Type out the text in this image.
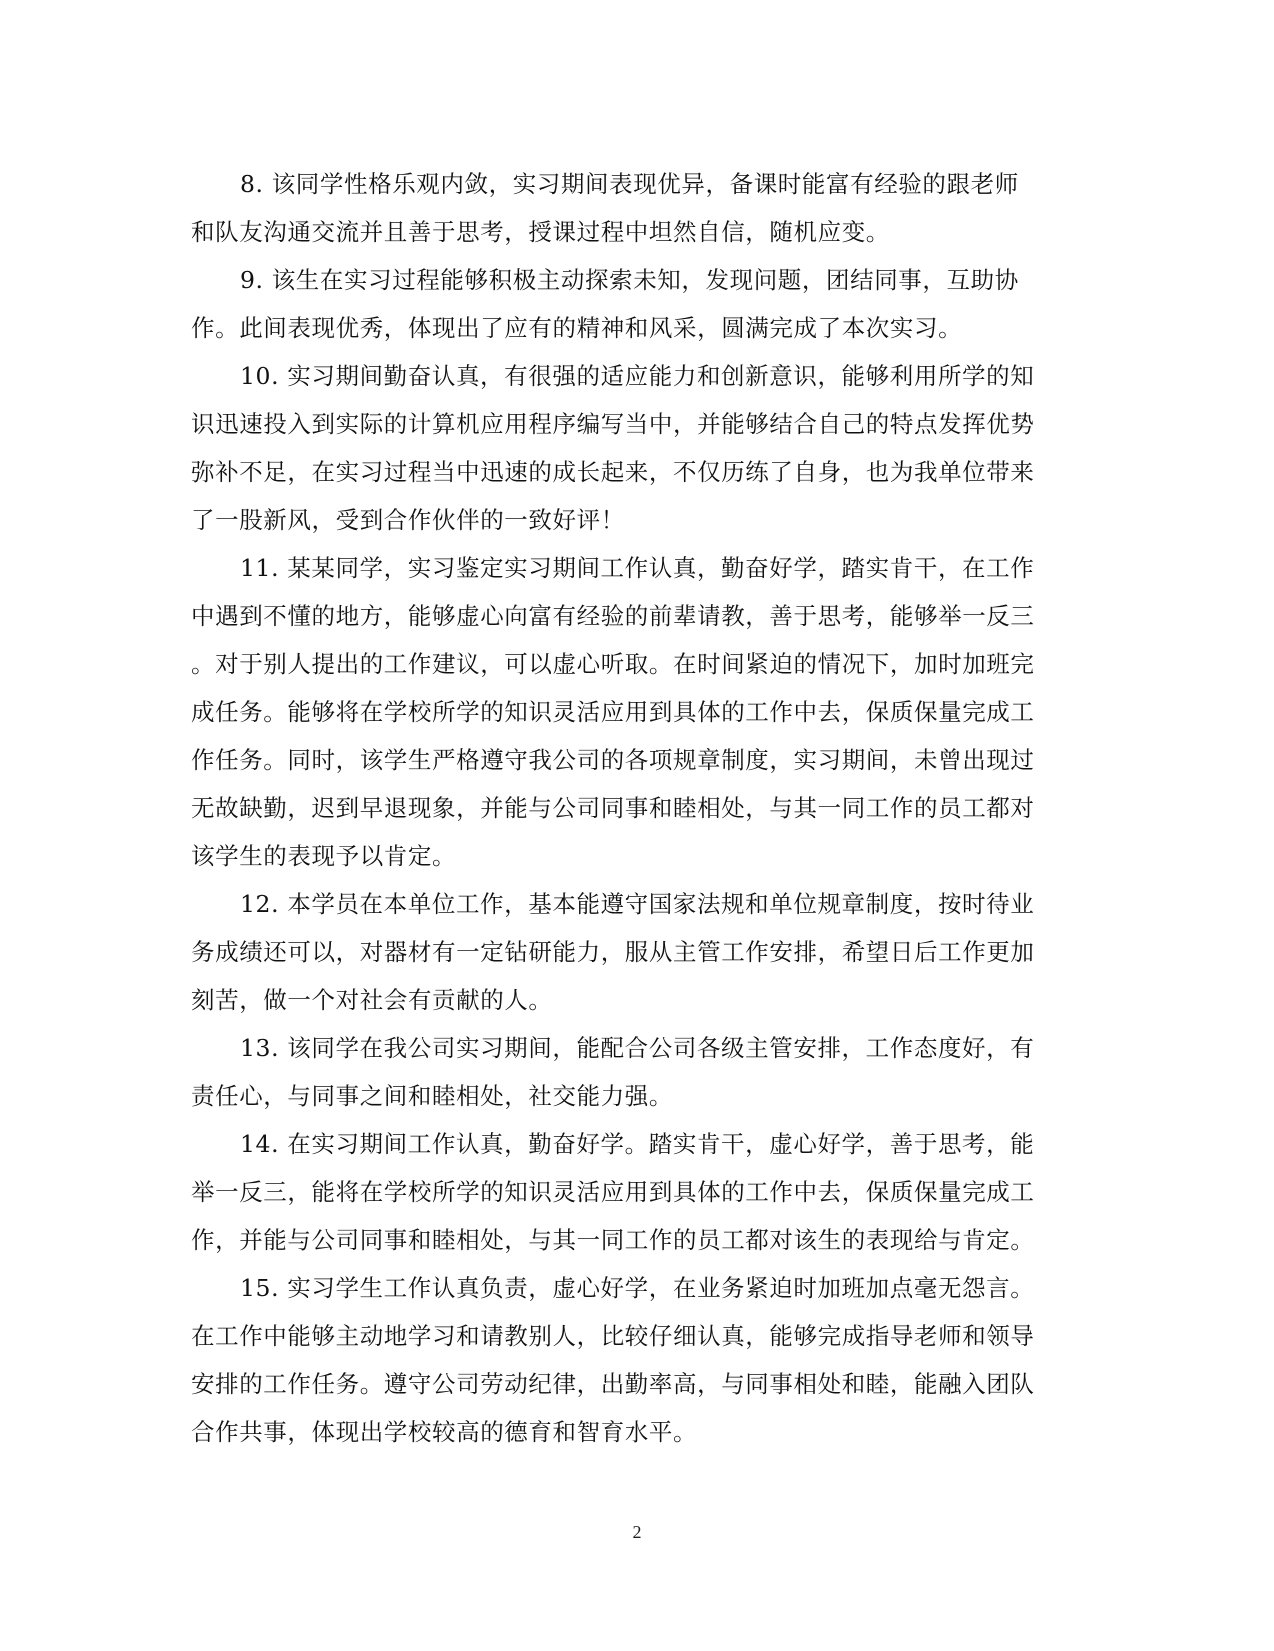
8. 该同学性格乐观内敛，实习期间表现优异，备课时能富有经验的跟老师
和队友沟通交流并且善于思考，授课过程中坦然自信，随机应变。
9. 该生在实习过程能够积极主动探索未知，发现问题，团结同事，互助协
作。此间表现优秀，体现出了应有的精神和风采，圆满完成了本次实习。
10. 实习期间勤奋认真，有很强的适应能力和创新意识，能够利用所学的知
识迅速投入到实际的计算机应用程序编写当中，并能够结合自己的特点发挥优势
弥补不足，在实习过程当中迅速的成长起来，不仅历练了自身，也为我单位带来
了一股新风，受到合作伙伴的一致好评！
11. 某某同学，实习鉴定实习期间工作认真，勤奋好学，踏实肯干，在工作
中遇到不懂的地方，能够虚心向富有经验的前辈请教，善于思考，能够举一反三
。对于别人提出的工作建议，可以虚心听取。在时间紧迫的情况下，加时加班完
成任务。能够将在学校所学的知识灵活应用到具体的工作中去，保质保量完成工
作任务。同时，该学生严格遵守我公司的各项规章制度，实习期间，未曾出现过
无故缺勤，迟到早退现象，并能与公司同事和睦相处，与其一同工作的员工都对
该学生的表现予以肯定。
12. 本学员在本单位工作，基本能遵守国家法规和单位规章制度，按时待业
务成绩还可以，对器材有一定钻研能力，服从主管工作安排，希望日后工作更加
刻苦，做一个对社会有贡献的人。
13. 该同学在我公司实习期间，能配合公司各级主管安排，工作态度好，有
责任心，与同事之间和睦相处，社交能力强。
14. 在实习期间工作认真，勤奋好学。踏实肯干，虚心好学，善于思考，能
举一反三，能将在学校所学的知识灵活应用到具体的工作中去，保质保量完成工
作，并能与公司同事和睦相处，与其一同工作的员工都对该生的表现给与肯定。
15. 实习学生工作认真负责，虚心好学，在业务紧迫时加班加点毫无怨言。
在工作中能够主动地学习和请教别人，比较仔细认真，能够完成指导老师和领导
安排的工作任务。遵守公司劳动纪律，出勤率高，与同事相处和睦，能融入团队
合作共事，体现出学校较高的德育和智育水平。
2
